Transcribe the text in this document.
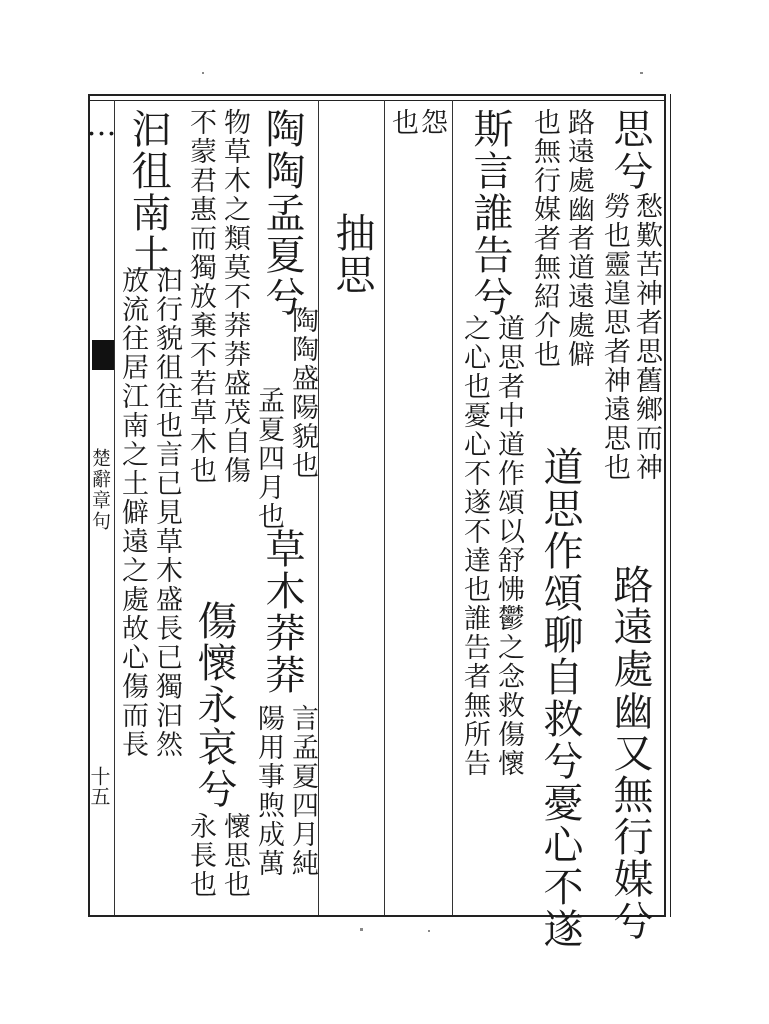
…
楚辭章句
十五
思兮
愁歎苦神者思舊鄉而神
勞也靈遑思者神遠思也
路遠處幽又無行媒兮
路遠處幽者道遠處僻
也無行媒者無紹介也
道思作頌聊自救兮憂心不遂
斯言誰告兮
道思者中道作頌以舒怫鬱之念救傷懷
之心也憂心不遂不達也誰告者無所告
也怨
抽思
陶陶孟夏兮
陶陶盛陽貌也
孟夏四月也
草木莽莽
言孟夏四月純
陽用事煦成萬
物草木之類莫不莽莽盛茂自傷
不蒙君惠而獨放棄不若草木也
傷懷永哀兮
懷思也
永長也
汩徂南土
汩行貌徂往也言已見草木盛長已獨汩然
放流往居江南之土僻遠之處故心傷而長
